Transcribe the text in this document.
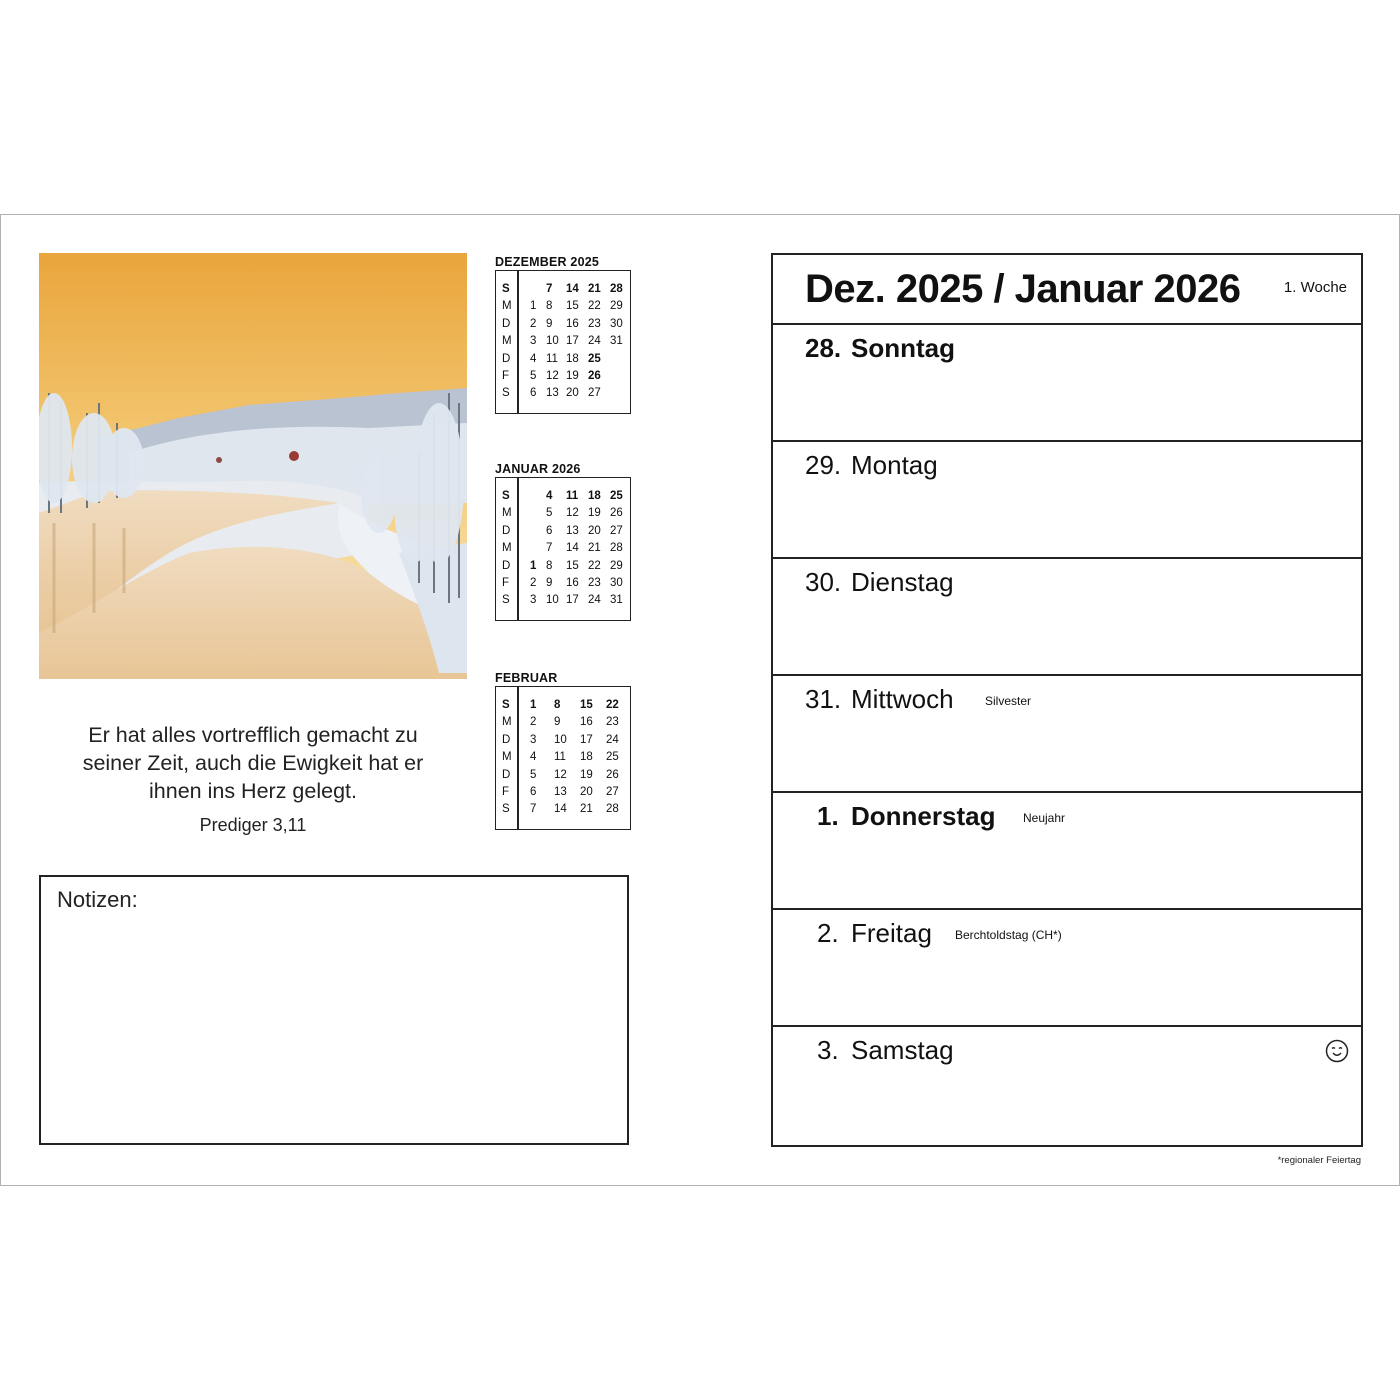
Er hat alles vortrefflich gemacht zu
seiner Zeit, auch die Ewigkeit hat er
ihnen ins Herz gelegt.
Prediger 3,11
DEZEMBER 2025
S	7 14 21 28
M 1 8 15 22 29
D 2 9 16 23 30
M 3 10 17 24 31
D 4 11 18 25
F 5 12 19 26
S 6 13 20 27
JANUAR 2026
S	4 11 18 25
M	5 12 19 26
D	6 13 20 27
M	7 14 21 28
D 1 8 15 22 29
F 2 9 16 23 30
S 3 10 17 24 31
FEBRUAR
S 1 8 15 22
M 2 9 16 23
D 3 10 17 24
M 4 11 18 25
D 5 12 19 26
F 6 13 20 27
S 7 14 21 28
Notizen:
Dez. 2025 / Januar 2026	1. Woche
28. Sonntag
29. Montag
30. Dienstag
31. Mittwoch	Silvester
1. Donnerstag Neujahr
2. Freitag Berchtoldstag (CH*)
3. Samstag
*regionaler Feiertag
